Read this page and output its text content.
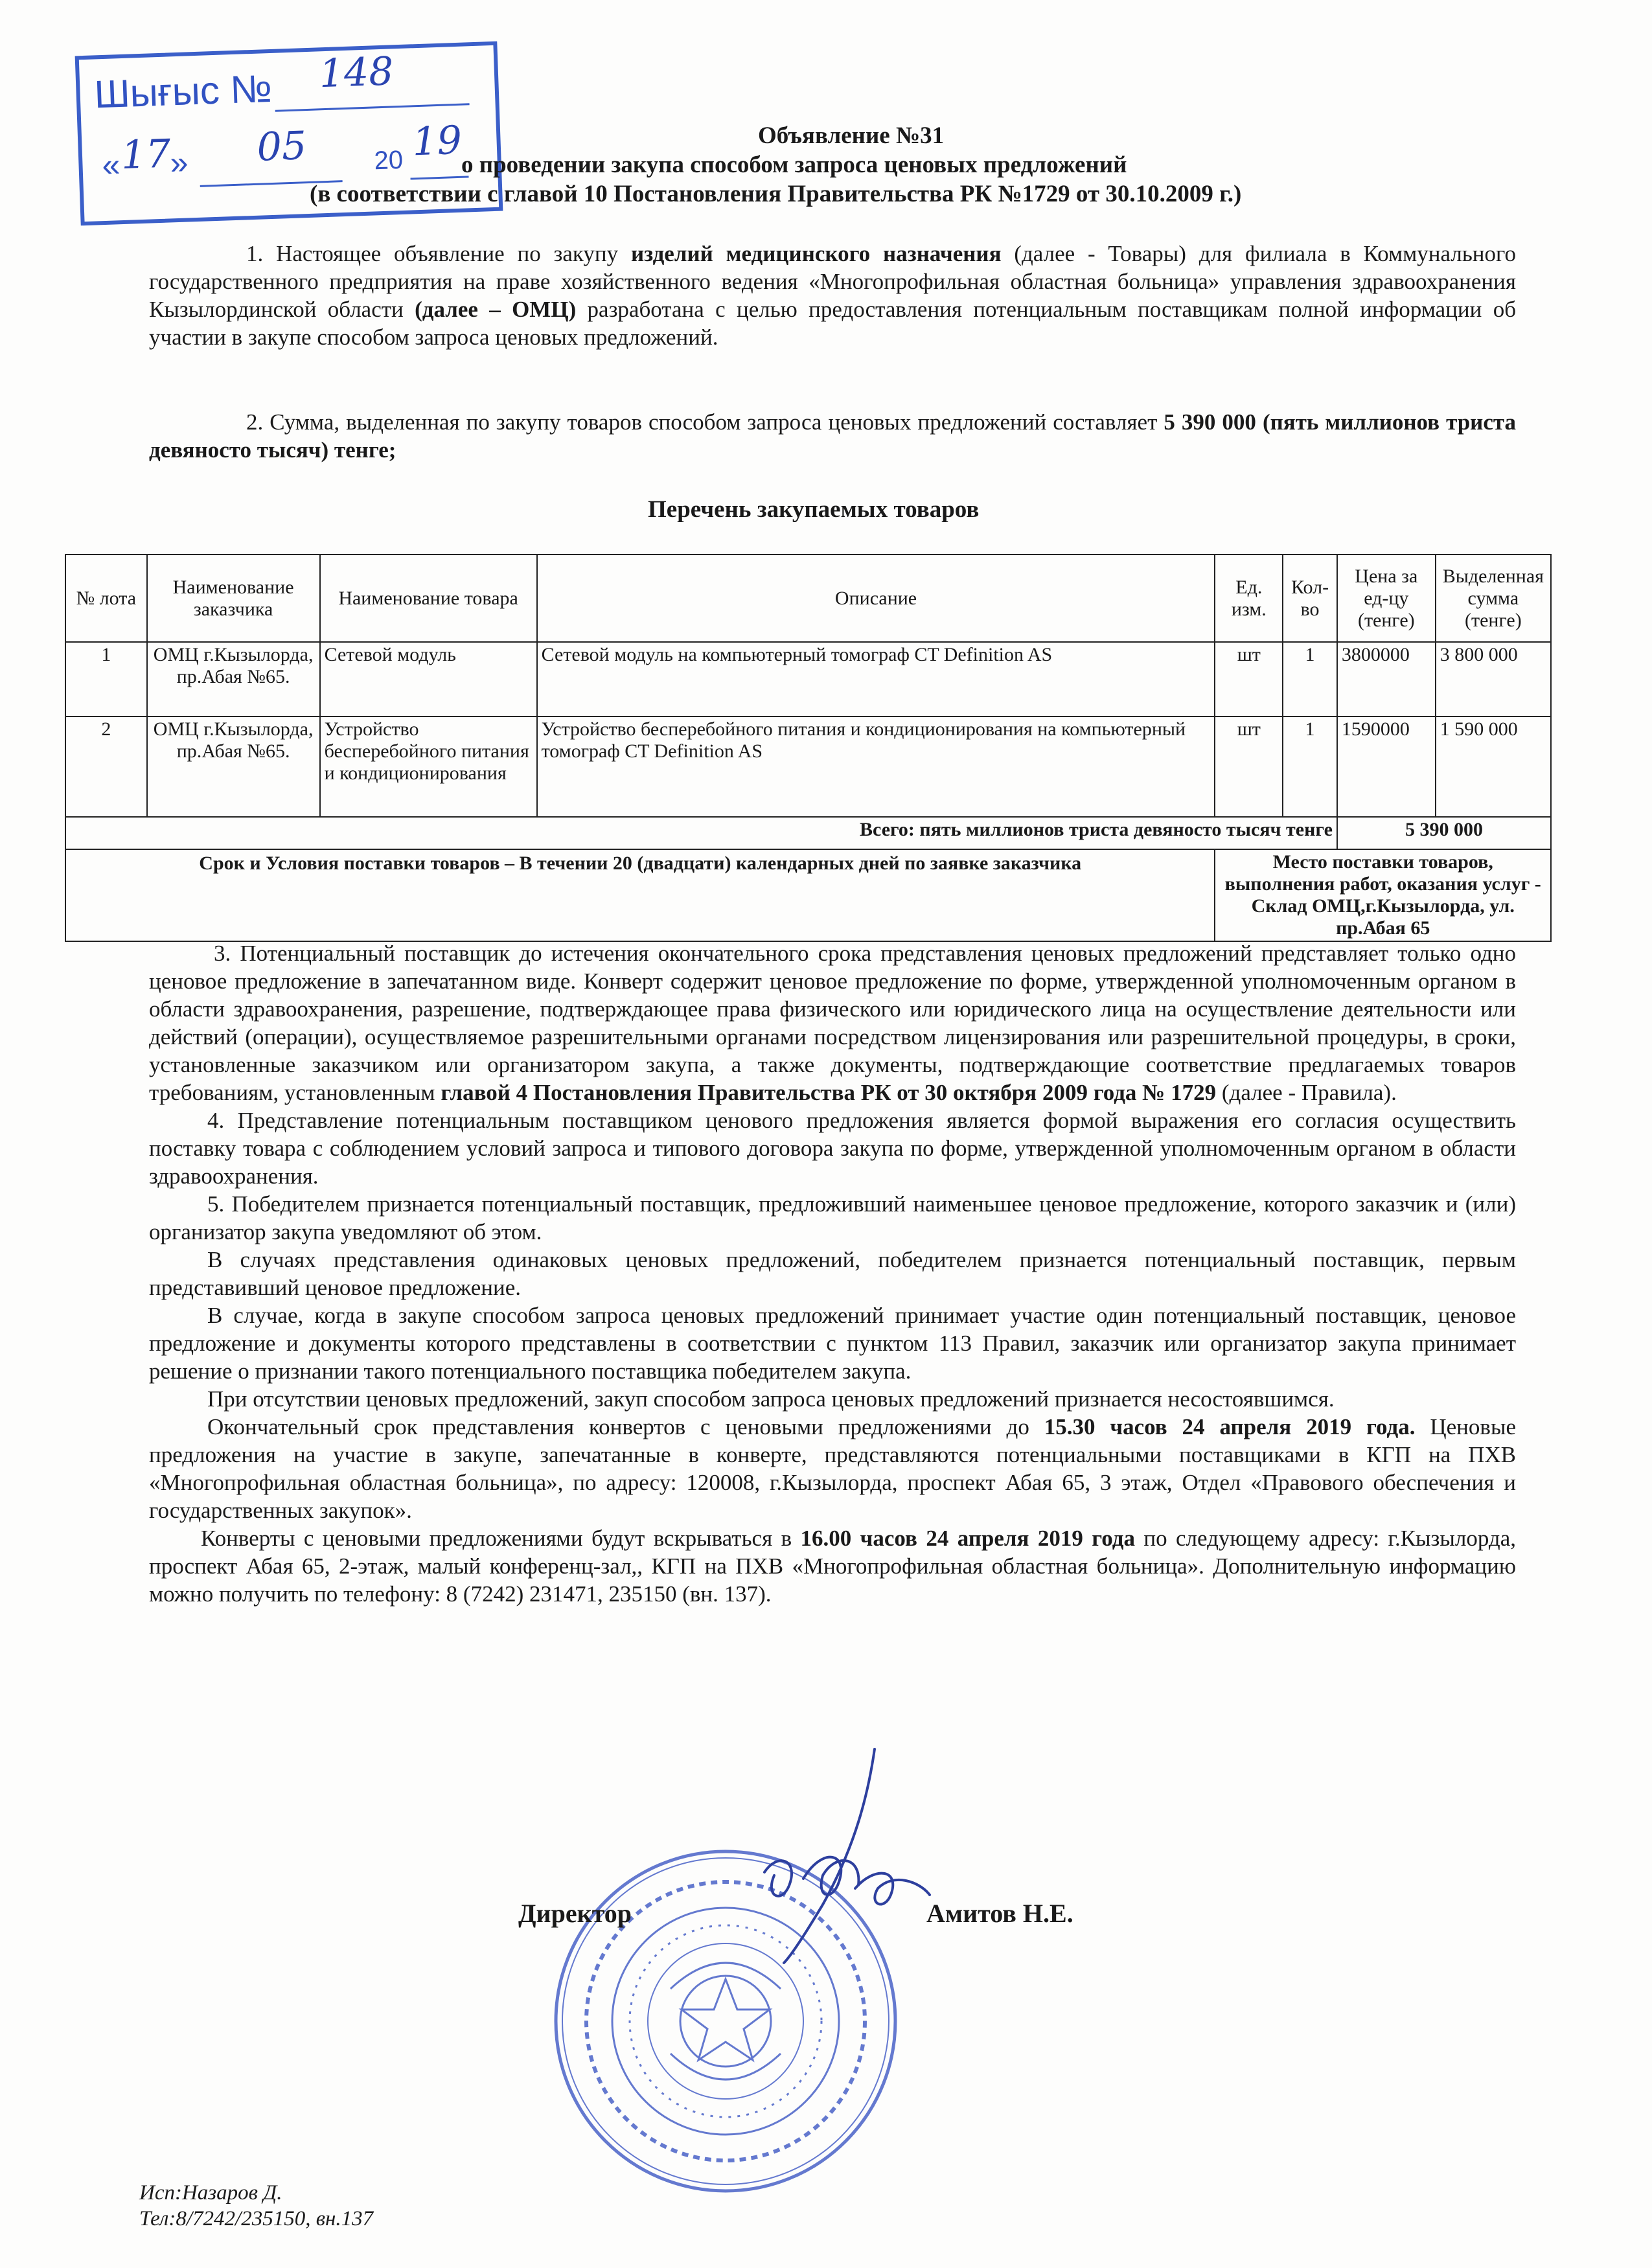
Шығыс № 148
« 17
» 05	20 19	Объявление №31
о проведении закупа способом запроса ценовых предложений
(в соответствии с главой 10 Постановления Правительства РК №1729 от 30.10.2009 г.)

1. Настоящее объявление по закупу изделий медицинского назначения (далее - Товары) для филиала в Коммунального государственного предприятия на праве хозяйственного ведения «Многопрофильная областная больница» управления здравоохранения Кызылординской области (далее – ОМЦ) разработана с целью предоставления потенциальным поставщикам полной информации об участии в закупе способом запроса ценовых предложений.

2. Сумма, выделенная по закупу товаров способом запроса ценовых предложений составляет 5 390 000 (пять миллионов триста девяносто тысяч) тенге;

Перечень закупаемых товаров
№ лота	Наименование заказчика	Наименование товара	Описание	Ед. изм.	Кол-во	Цена за ед-цу (тенге)	Выделенная сумма (тенге)
1	ОМЦ г.Кызылорда, пр.Абая №65.	Сетевой модуль	Сетевой модуль на компьютерный томограф CT Definition AS	шт	1	3800000	3 800 000
2	ОМЦ г.Кызылорда, пр.Абая №65.	Устройство бесперебойного питания и кондиционирования	Устройство бесперебойного питания и кондиционирования на компьютерный томограф CT Definition AS	шт	1	1590000	1 590 000
Всего: пять миллионов триста девяносто тысяч тенге						5 390 000	
Срок и Условия поставки товаров – В течении 20 (двадцати) календарных дней по заявке заказчика				Место поставки товаров, выполнения работ, оказания услуг - Склад ОМЦ,г.Кызылорда, ул. пр.Абая 65			

3. Потенциальный поставщик до истечения окончательного срока представления ценовых предложений представляет только одно ценовое предложение в запечатанном виде. Конверт содержит ценовое предложение по форме, утвержденной уполномоченным органом в области здравоохранения, разрешение, подтверждающее права физического или юридического лица на осуществление деятельности или действий (операции), осуществляемое разрешительными органами посредством лицензирования или разрешительной процедуры, в сроки, установленные заказчиком или организатором закупа, а также документы, подтверждающие соответствие предлагаемых товаров требованиям, установленным главой 4 Постановления Правительства РК от 30 октября 2009 года № 1729 (далее - Правила).

4. Представление потенциальным поставщиком ценового предложения является формой выражения его согласия осуществить поставку товара с соблюдением условий запроса и типового договора закупа по форме, утвержденной уполномоченным органом в области здравоохранения.

5. Победителем признается потенциальный поставщик, предложивший наименьшее ценовое предложение, которого заказчик и (или) организатор закупа уведомляют об этом.

В случаях представления одинаковых ценовых предложений, победителем признается потенциальный поставщик, первым представивший ценовое предложение.

В случае, когда в закупе способом запроса ценовых предложений принимает участие один потенциальный поставщик, ценовое предложение и документы которого представлены в соответствии с пунктом 113 Правил, заказчик или организатор закупа принимает решение о признании такого потенциального поставщика победителем закупа.

При отсутствии ценовых предложений, закуп способом запроса ценовых предложений признается несостоявшимся.

Окончательный срок представления конвертов с ценовыми предложениями до 15.30 часов 24 апреля 2019 года. Ценовые предложения на участие в закупе, запечатанные в конверте, представляются потенциальными поставщиками в КГП на ПХВ «Многопрофильная областная больница», по адресу: 120008, г.Кызылорда, проспект Абая 65, 3 этаж, Отдел «Правового обеспечения и государственных закупок».

Конверты с ценовыми предложениями будут вскрываться в 16.00 часов 24 апреля 2019 года по следующему адресу: г.Кызылорда, проспект Абая 65, 2-этаж, малый конференц-зал,, КГП на ПХВ «Многопрофильная областная больница». Дополнительную информацию можно получить по телефону: 8 (7242) 231471, 235150 (вн. 137).

Директор	Амитов Н.Е.
Исп:Назаров Д.
Тел:8/7242/235150, вн.137
